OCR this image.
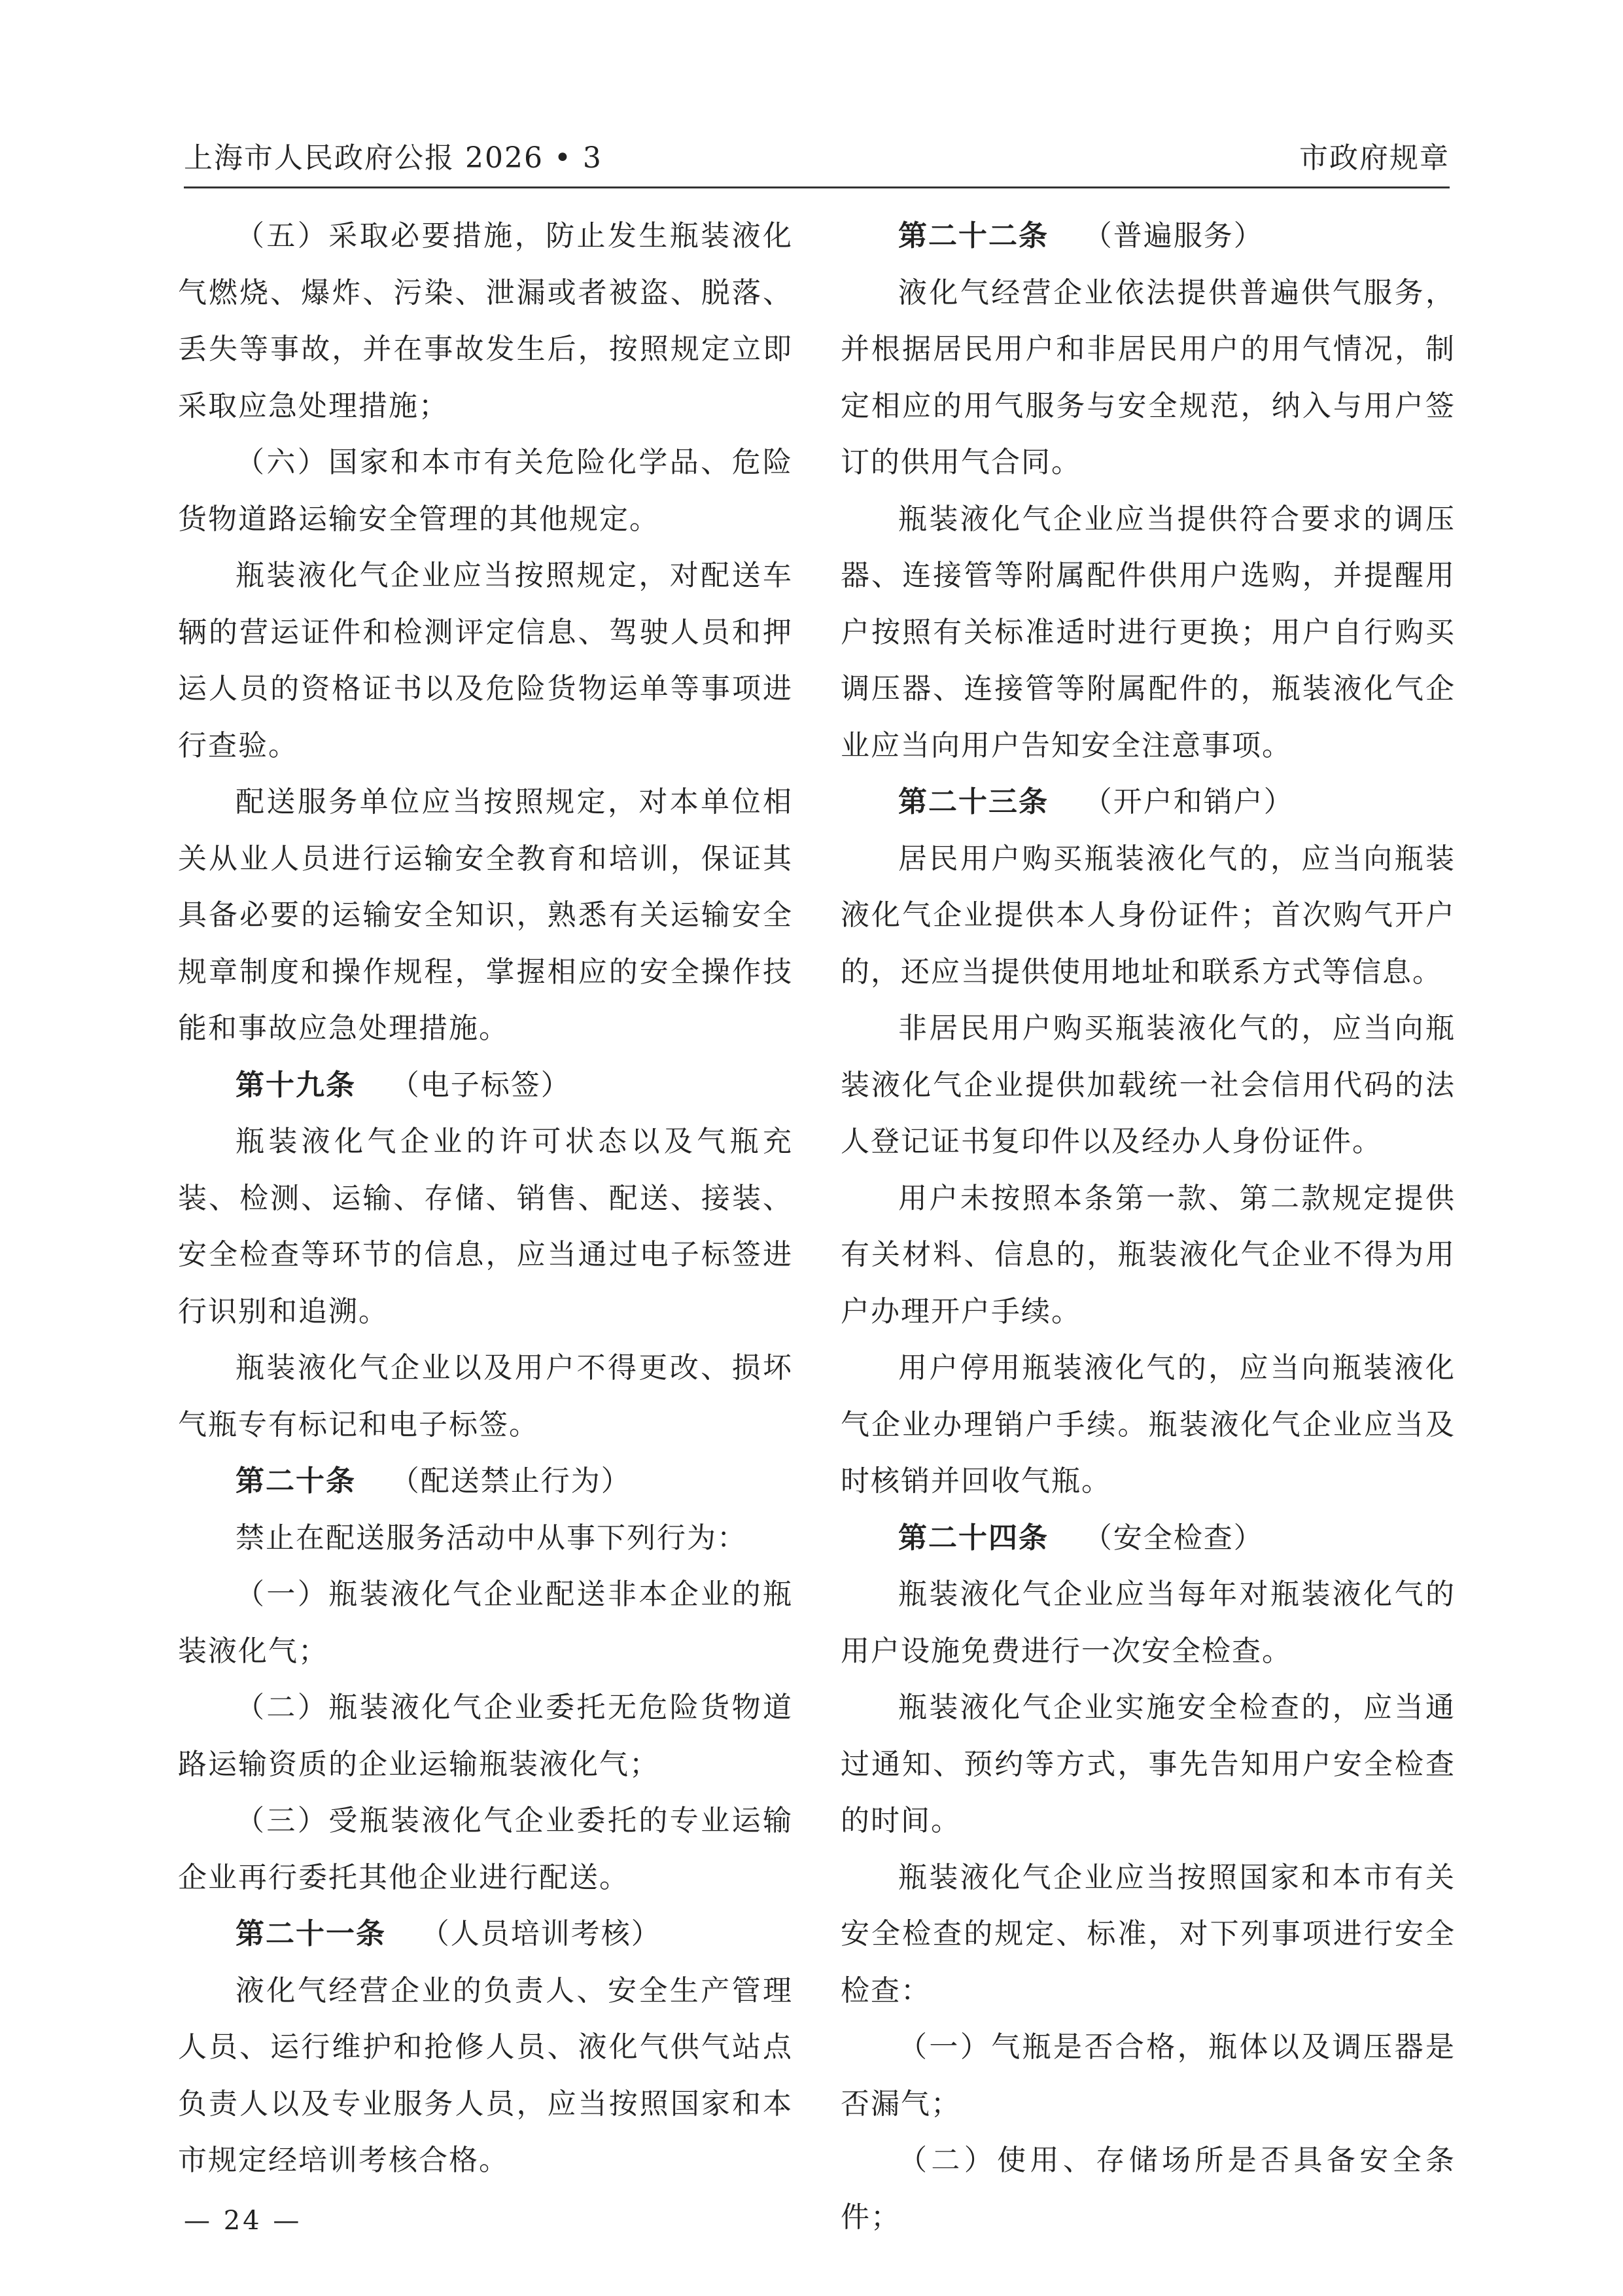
上海市人民政府公报 2026 • 3	市政府规章

（五）采取必要措施，防止发生瓶装液化气燃烧、爆炸、污染、泄漏或者被盗、脱落、丢失等事故，并在事故发生后，按照规定立即采取应急处理措施；

（六）国家和本市有关危险化学品、危险货物道路运输安全管理的其他规定。

瓶装液化气企业应当按照规定，对配送车辆的营运证件和检测评定信息、驾驶人员和押运人员的资格证书以及危险货物运单等事项进行查验。

配送服务单位应当按照规定，对本单位相关从业人员进行运输安全教育和培训，保证其具备必要的运输安全知识，熟悉有关运输安全规章制度和操作规程，掌握相应的安全操作技能和事故应急处理措施。

第十九条 （电子标签）

瓶装液化气企业的许可状态以及气瓶充装、检测、运输、存储、销售、配送、接装、安全检查等环节的信息，应当通过电子标签进行识别和追溯。

瓶装液化气企业以及用户不得更改、损坏气瓶专有标记和电子标签。

第二十条 （配送禁止行为）

禁止在配送服务活动中从事下列行为：

（一）瓶装液化气企业配送非本企业的瓶装液化气；

（二）瓶装液化气企业委托无危险货物道路运输资质的企业运输瓶装液化气；

（三）受瓶装液化气企业委托的专业运输企业再行委托其他企业进行配送。

第二十一条 （人员培训考核）

液化气经营企业的负责人、安全生产管理人员、运行维护和抢修人员、液化气供气站点负责人以及专业服务人员，应当按照国家和本市规定经培训考核合格。

第二十二条 （普遍服务）

液化气经营企业依法提供普遍供气服务，并根据居民用户和非居民用户的用气情况，制定相应的用气服务与安全规范，纳入与用户签订的供用气合同。

瓶装液化气企业应当提供符合要求的调压器、连接管等附属配件供用户选购，并提醒用户按照有关标准适时进行更换；用户自行购买调压器、连接管等附属配件的，瓶装液化气企业应当向用户告知安全注意事项。

第二十三条 （开户和销户）

居民用户购买瓶装液化气的，应当向瓶装液化气企业提供本人身份证件；首次购气开户的，还应当提供使用地址和联系方式等信息。

非居民用户购买瓶装液化气的，应当向瓶装液化气企业提供加载统一社会信用代码的法人登记证书复印件以及经办人身份证件。

用户未按照本条第一款、第二款规定提供有关材料、信息的，瓶装液化气企业不得为用户办理开户手续。

用户停用瓶装液化气的，应当向瓶装液化气企业办理销户手续。瓶装液化气企业应当及时核销并回收气瓶。

第二十四条 （安全检查）

瓶装液化气企业应当每年对瓶装液化气的用户设施免费进行一次安全检查。

瓶装液化气企业实施安全检查的，应当通过通知、预约等方式，事先告知用户安全检查的时间。

瓶装液化气企业应当按照国家和本市有关安全检查的规定、标准，对下列事项进行安全检查：

（一）气瓶是否合格，瓶体以及调压器是否漏气；

（二）使用、存储场所是否具备安全条件；

— 24 —
